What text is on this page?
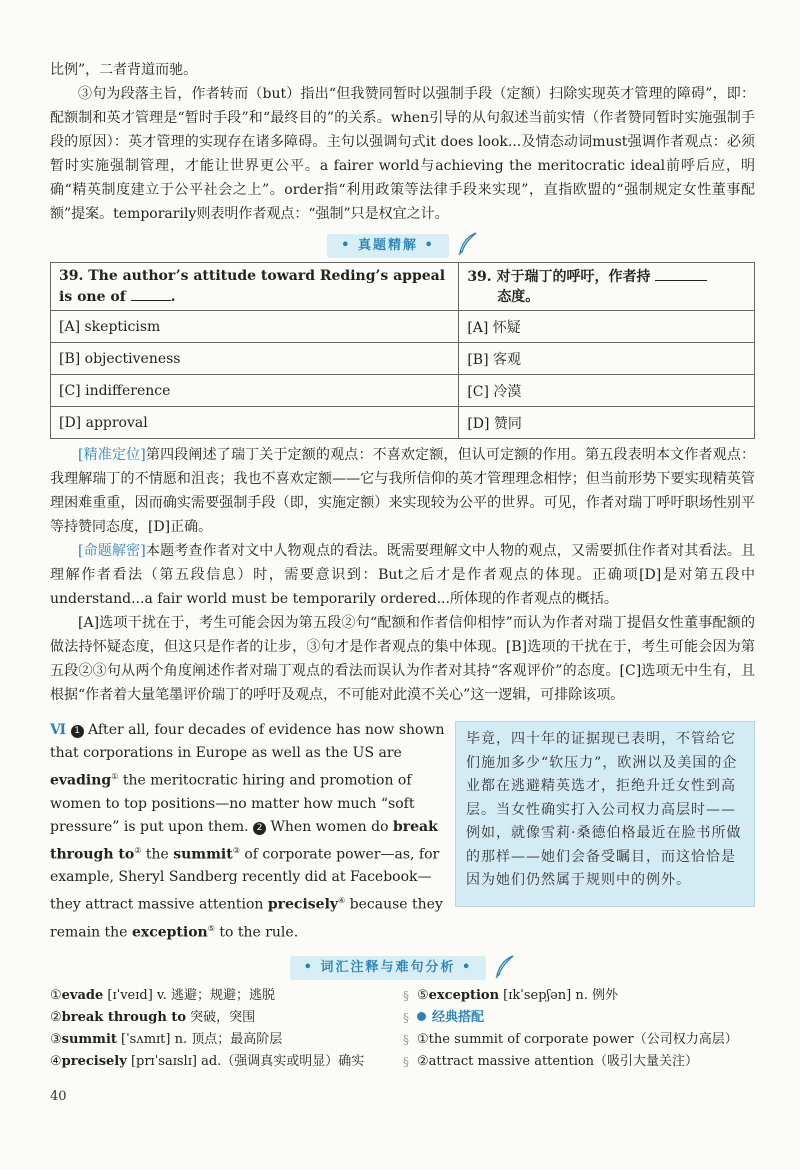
比例”，二者背道而驰。

③句为段落主旨，作者转而（but）指出“但我赞同暂时以强制手段（定额）扫除实现英才管理的障碍”，即：配额制和英才管理是“暂时手段”和“最终目的”的关系。when引导的从句叙述当前实情（作者赞同暂时实施强制手段的原因）：英才管理的实现存在诸多障碍。主句以强调句式it does look...及情态动词must强调作者观点：必须暂时实施强制管理，才能让世界更公平。a fairer world与achieving the meritocratic ideal前呼后应，明确“精英制度建立于公平社会之上”。order指“利用政策等法律手段来实现”，直指欧盟的“强制规定女性董事配额”提案。temporarily则表明作者观点：“强制”只是权宜之计。

• 真题精解 •
39. The author’s attitude toward Reding’s appeal is one of .	39. 对于瑞丁的呼吁，作者持
态度。
[A] skepticism	[A] 怀疑
[B] objectiveness	[B] 客观
[C] indifference	[C] 冷漠
[D] approval	[D] 赞同

[精准定位]第四段阐述了瑞丁关于定额的观点：不喜欢定额，但认可定额的作用。第五段表明本文作者观点：我理解瑞丁的不情愿和沮丧；我也不喜欢定额——它与我所信仰的英才管理理念相悖；但当前形势下要实现精英管理困难重重，因而确实需要强制手段（即，实施定额）来实现较为公平的世界。可见，作者对瑞丁呼吁职场性别平等持赞同态度，[D]正确。

[命题解密]本题考查作者对文中人物观点的看法。既需要理解文中人物的观点，又需要抓住作者对其看法。且理解作者看法（第五段信息）时，需要意识到：But之后才是作者观点的体现。正确项[D]是对第五段中understand...a fair world must be temporarily ordered...所体现的作者观点的概括。

[A]选项干扰在于，考生可能会因为第五段②句“配额和作者信仰相悖”而认为作者对瑞丁提倡女性董事配额的做法持怀疑态度，但这只是作者的让步，③句才是作者观点的集中体现。[B]选项的干扰在于，考生可能会因为第五段②③句从两个角度阐述作者对瑞丁观点的看法而误认为作者对其持“客观评价”的态度。[C]选项无中生有，且根据“作者着大量笔墨评价瑞丁的呼吁及观点，不可能对此漠不关心”这一逻辑，可排除该项。

Ⅵ 1 After all, four decades of evidence has now shown that corporations in Europe as well as the US are evading① the meritocratic hiring and promotion of women to top positions—no matter how much “soft pressure” is put upon them. 2 When women do break through to② the summit③ of corporate power—as, for example, Sheryl Sandberg recently did at Facebook—they attract massive attention precisely④ because they remain the exception⑤ to the rule.
毕竟，四十年的证据现已表明，不管给它们施加多少“软压力”，欧洲以及美国的企业都在逃避精英选才，拒绝升迁女性到高层。当女性确实打入公司权力高层时——例如，就像雪莉·桑德伯格最近在脸书所做的那样——她们会备受瞩目，而这恰恰是因为她们仍然属于规则中的例外。
• 词汇注释与难句分析 •
①evade [ɪˈveɪd] v. 逃避；规避；逃脱
②break through to 突破，突围
③summit [ˈsʌmɪt] n. 顶点；最高阶层
④precisely [prɪˈsaɪslɪ] ad.（强调真实或明显）确实
§
§
§
§
⑤exception [ɪkˈsepʃən] n. 例外
经典搭配
①the summit of corporate power（公司权力高层）
②attract massive attention（吸引大量关注）
40
